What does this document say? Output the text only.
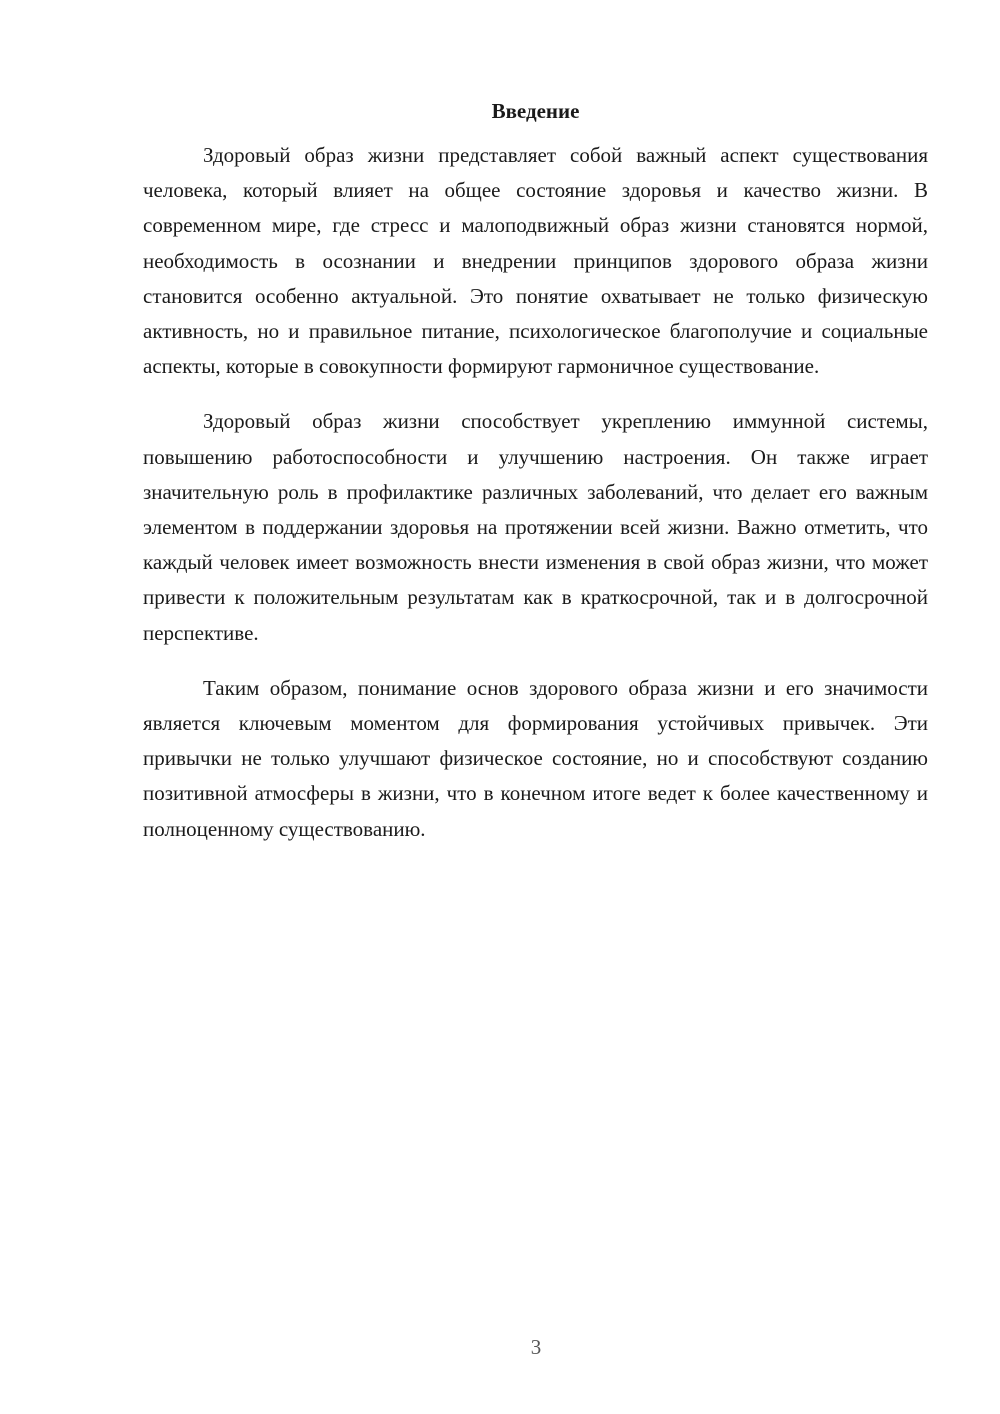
Введение

Здоровый образ жизни представляет собой важный аспект существования человека, который влияет на общее состояние здоровья и качество жизни. В современном мире, где стресс и малоподвижный образ жизни становятся нормой, необходимость в осознании и внедрении принципов здорового образа жизни становится особенно актуальной. Это понятие охватывает не только физическую активность, но и правильное питание, психологическое благополучие и социальные аспекты, которые в совокупности формируют гармоничное существование.

Здоровый образ жизни способствует укреплению иммунной системы, повышению работоспособности и улучшению настроения. Он также играет значительную роль в профилактике различных заболеваний, что делает его важным элементом в поддержании здоровья на протяжении всей жизни. Важно отметить, что каждый человек имеет возможность внести изменения в свой образ жизни, что может привести к положительным результатам как в краткосрочной, так и в долгосрочной перспективе.

Таким образом, понимание основ здорового образа жизни и его значимости является ключевым моментом для формирования устойчивых привычек. Эти привычки не только улучшают физическое состояние, но и способствуют созданию позитивной атмосферы в жизни, что в конечном итоге ведет к более качественному и полноценному существованию.

3
